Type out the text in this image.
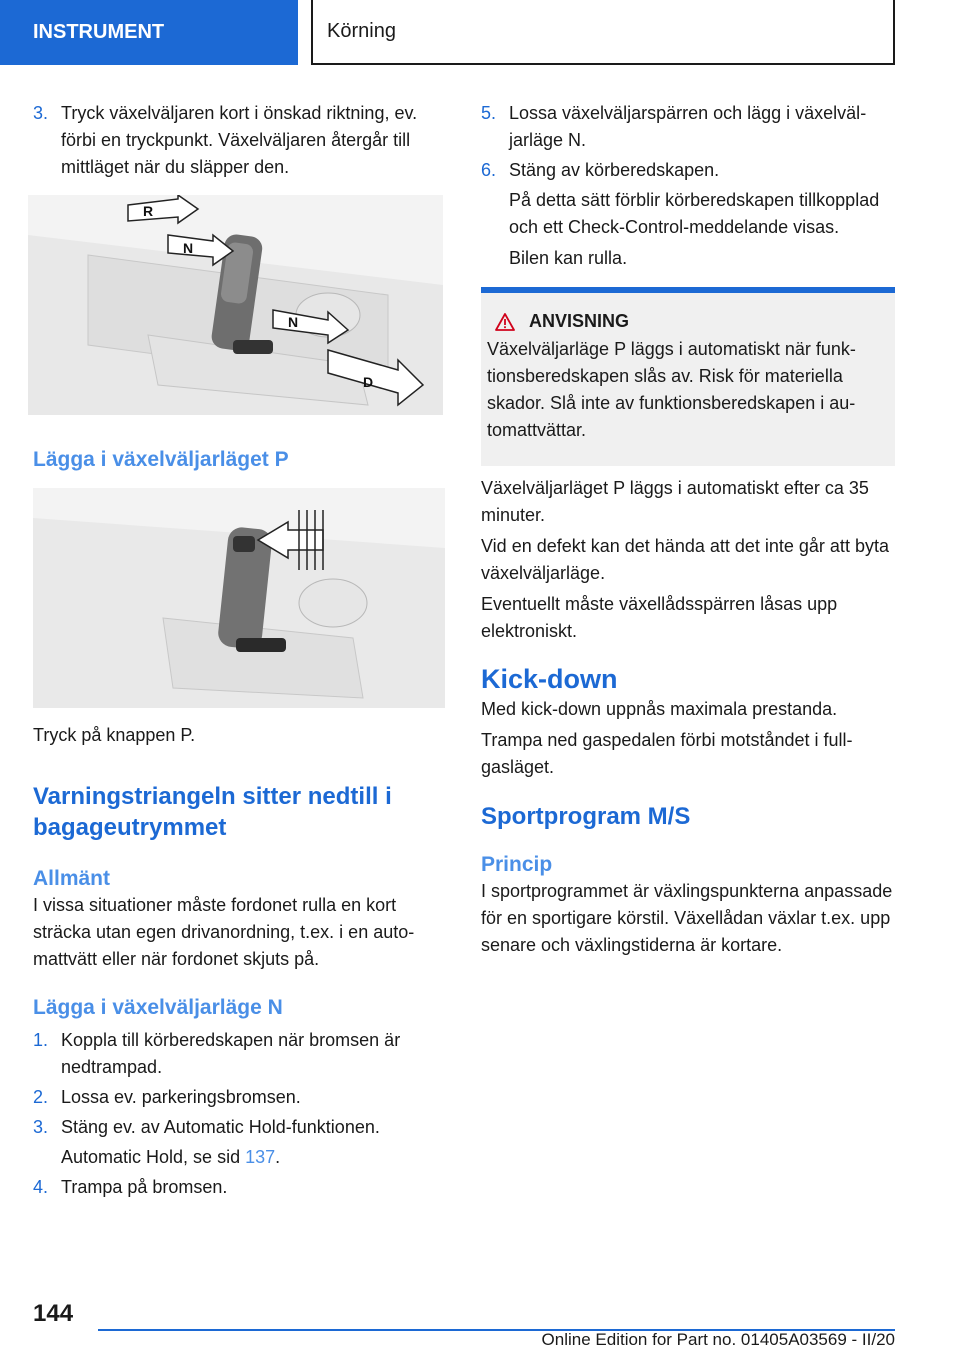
INSTRUMENT	Körning
3. Tryck växelväljaren kort i önskad riktning, ev. förbi en tryckpunkt. Växelväljaren återgår till mittläget när du släpper den.
R
N
N
D
Lägga i växelväljarläget P

Tryck på knappen P.

Varningstriangeln sitter nedtill i bagageutrymmet
Allmänt

I vissa situationer måste fordonet rulla en kort sträcka utan egen drivanordning, t.ex. i en automattvätt eller när fordonet skjuts på.

Lägga i växelväljarläge N
1. Koppla till körberedskapen när bromsen är nedtrampad.
2. Lossa ev. parkeringsbromsen.
3. Stäng ev. av Automatic Hold-funktionen.
Automatic Hold, se sid 137.
4. Trampa på bromsen.
5. Lossa växelväljarspärren och lägg i växelväljarläge N.
6. Stäng av körberedskapen.
På detta sätt förblir körberedskapen tillkopplad och ett Check-Control-meddelande visas.
Bilen kan rulla.
ANVISNING

Växelväljarläge P läggs i automatiskt när funktionsberedskapen slås av. Risk för materiella skador. Slå inte av funktionsberedskapen i automattvättar.

Växelväljarläget P läggs i automatiskt efter ca 35 minuter.

Vid en defekt kan det hända att det inte går att byta växelväljarläge.

Eventuellt måste växellådsspärren låsas upp elektroniskt.

Kick-down

Med kick-down uppnås maximala prestanda.

Trampa ned gaspedalen förbi motståndet i fullgasläget.

Sportprogram M/S
Princip

I sportprogrammet är växlingspunkterna anpassade för en sportigare körstil. Växellådan växlar t.ex. upp senare och växlingstiderna är kortare.

144
Online Edition for Part no. 01405A03569 - II/20
